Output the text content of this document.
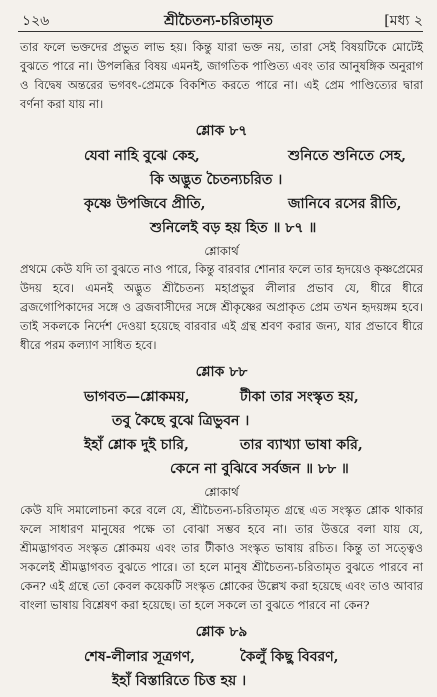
১২৬	শ্রীচৈতন্য-চরিতামৃত	[মধ্য ২

তার ফলে ভক্তদের প্রভুত লাভ হয়। কিন্তু যারা ভক্ত নয়, তারা সেই বিষয়টিকে মোটেই বুঝতে পারে না। উপলব্ধির বিষয় এমনই, জাগতিক পাণ্ডিত্য এবং তার আনুষঙ্গিক অনুরাগ ও বিদ্বেষ অন্তরের ভগবৎ-প্রেমকে বিকশিত করতে পারে না। এই প্রেম পাণ্ডিত্যের দ্বারা বর্ণনা করা যায় না।

শ্লোক ৮৭
যেবা নাহি বুঝে কেহ,	শুনিতে শুনিতে সেহ,
কি অদ্ভুত চৈতন্যচরিত ।
কৃষ্ণে উপজিবে প্রীতি,	জানিবে রসের রীতি,
শুনিলেই বড় হয় হিত ॥ ৮৭ ॥
শ্লোকার্থ

প্রথমে কেউ যদি তা বুঝতে নাও পারে, কিন্তু বারবার শোনার ফলে তার হৃদয়েও কৃষ্ণপ্রেমের উদয় হবে। এমনই অদ্ভুত শ্রীচৈতন্য মহাপ্রভুর লীলার প্রভাব যে, ধীরে ধীরে ব্রজগোপিকাদের সঙ্গে ও ব্রজবাসীদের সঙ্গে শ্রীকৃষ্ণের অপ্রাকৃত প্রেম তখন হৃদয়ঙ্গম হবে। তাই সকলকে নির্দেশ দেওয়া হয়েছে বারবার এই গ্রন্থ শ্রবণ করার জন্য, যার প্রভাবে ধীরে ধীরে পরম কল্যাণ সাধিত হবে।

শ্লোক ৮৮
ভাগবত—শ্লোকময়,	টীকা তার সংস্কৃত হয়,
তবু কৈছে বুঝে ত্রিভুবন ।
ইহাঁ শ্লোক দুই চারি,	তার ব্যাখ্যা ভাষা করি,
কেনে না বুঝিবে সর্বজন ॥ ৮৮ ॥
শ্লোকার্থ

কেউ যদি সমালোচনা করে বলে যে, শ্রীচৈতন্য-চরিতামৃত গ্রন্থে এত সংস্কৃত শ্লোক থাকার ফলে সাধারণ মানুষের পক্ষে তা বোঝা সম্ভব হবে না। তার উত্তরে বলা যায় যে, শ্রীমদ্ভাগবত সংস্কৃত শ্লোকময় এবং তার টীকাও সংস্কৃত ভাষায় রচিত। কিন্তু তা সত্ত্বেও সকলেই শ্রীমদ্ভাগবত বুঝতে পারে। তা হলে মানুষ শ্রীচৈতন্য-চরিতামৃত বুঝতে পারবে না কেন? এই গ্রন্থে তো কেবল কয়েকটি সংস্কৃত শ্লোকের উল্লেখ করা হয়েছে এবং তাও আবার বাংলা ভাষায় বিশ্লেষণ করা হয়েছে। তা হলে সকলে তা বুঝতে পারবে না কেন?

শ্লোক ৮৯
শেষ-লীলার সূত্রগণ,	কৈলুঁ কিছু বিবরণ,
ইহাঁ বিস্তারিতে চিত্ত হয় ।
